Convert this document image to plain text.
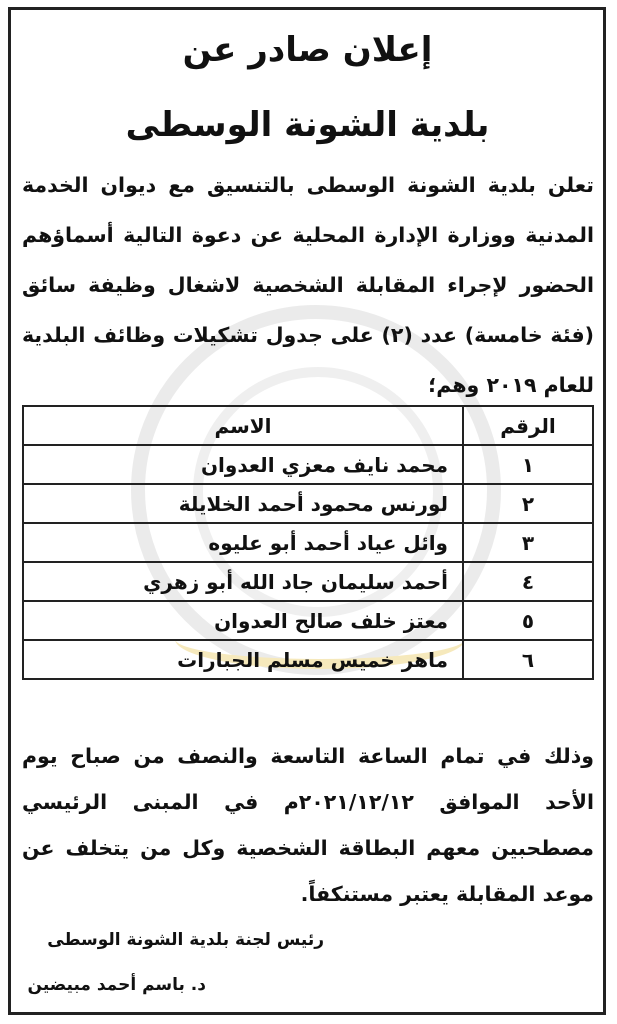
إعلان صادر عن
بلدية الشونة الوسطى
تعلن بلدية الشونة الوسطى بالتنسيق مع ديوان الخدمة المدنية ووزارة الإدارة المحلية عن دعوة التالية أسماؤهم الحضور لإجراء المقابلة الشخصية لاشغال وظيفة سائق (فئة خامسة) عدد (٢) على جدول تشكيلات وظائف البلدية للعام ٢٠١٩ وهم؛
الرقم	الاسم
١	محمد نايف معزي العدوان
٢	لورنس محمود أحمد الخلايلة
٣	وائل عياد أحمد أبو عليوه
٤	أحمد سليمان جاد الله أبو زهري
٥	معتز خلف صالح العدوان
٦	ماهر خميس مسلم الجبارات
وذلك في تمام الساعة التاسعة والنصف من صباح يوم الأحد الموافق ٢٠٢١/١٢/١٢م في المبنى الرئيسي مصطحبين معهم البطاقة الشخصية وكل من يتخلف عن موعد المقابلة يعتبر مستنكفاً.
رئيس لجنة بلدية الشونة الوسطى
د. باسم أحمد مبيضين
